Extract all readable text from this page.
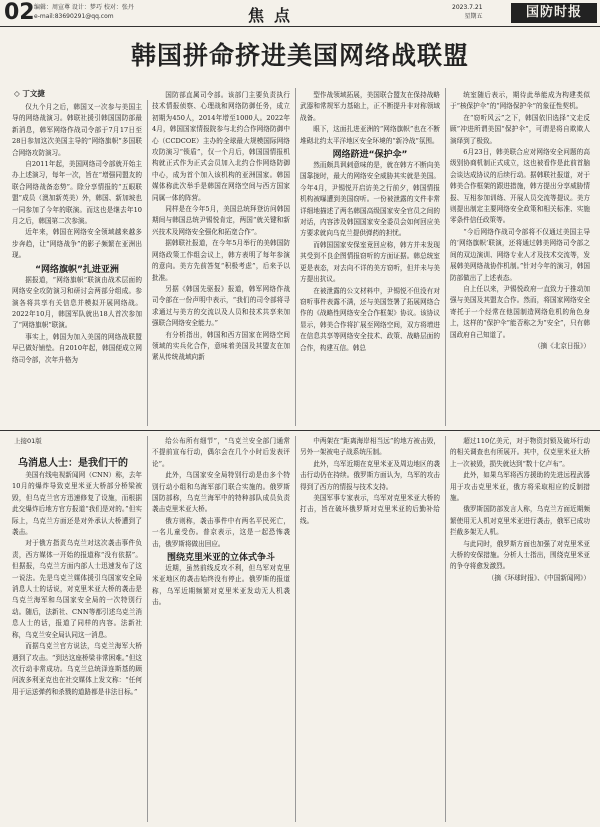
02 编辑：周宣尊 设计：梦巧 校对：张丹
e-mail:83690291@qq.com	焦点	2023.7.21
星期五	国防时报
韩国拼命挤进美国网络战联盟
◇ 丁文捷

仅九个月之后，韩国又一次参与美国主导的网络战演习。韩联社援引韩国国防部最新消息，韩军网络作战司令部于7月17日至28日参加这次美国主导的“网络旗帜”多国联合网络攻防演习。

自2011年起，美国网络司令部就开始主办上述演习，每年一次，旨在“增强同盟友的联合网络战备态势”。除分享情报的“五眼联盟”成员（澳加新英美）外，韩国、新加坡也一同参加了今年的联演。而这也是继去年10月之后，韩国第二次参演。

近年来，韩国在网络安全领域越来越多步奔趋，让“网络战争”的影子频繁在亚洲出现。

“网络旗帜”扎进亚洲

据报道，“网络旗帜”联演由战术层面的网络安全攻防演习和研讨会两部分组成。参演各将共享有关信息并模拟开展网络战。2022年10月，韩国军队就出18人首次参加了“网络旗帜”联演。

事实上，韩国为加入美国的网络战联盟早已做好铺垫。自2010年起，韩国便成立网络司令部，次年升格为

国防部直属司令部。该部门主要负责执行技术情报侦察、心理战和网络防御任务，成立初期为450人，2014年增至1000人。2022年4月，韩国国家情报院参与北约合作网络防御中心（CCDCOE）主办的全球最大规模国际网络攻防演习“锁盾”，仅一个月后，韩国国情报机构就正式作为正式会员加入北约合作网络防御中心，成为首个加入该机构的亚洲国家。韩国媒体称此次举手是韩国在网络空间与西方国家同属一体的阵营。

同样是在今年5月，美国总统拜登访问韩国期间与韩国总统尹锡悦肯定，两国“就关键和新兴技术及网络安全强化和拓宽合作”。

据韩联社报道，在今年5月举行的美韩国防网络政策工作组会议上，韩方表明了每年参演的意向。美方先前答复“积极考虑”，后来予以批准。

另据《韩国先驱报》报道，韩军网络作战司令部在一份声明中表示，“我们的司令部将寻求通过与美方的交流以及人员和技术共享来加强联合网络安全能力。”

有分析指出，韩国和西方国家在网络空间领域的实兵化合作，意味着美国及其盟友在加紧从传统战域向新

型作战领域拓展，美国联合盟友在保持战略武器和常规军力基础上，正不断提升非对称领域战备。

眼下，这面扎进亚洲的“网络旗帜”也在不断堆砌北约太平洋地区安全环境的“新冷战”氛围。

网络跻进“保护伞”

然而颇具讽刺意味的是，就在韩方不断向美国靠拢时，最大的网络安全威胁其实就是美国。今年4月，尹锡悦开启访美之行前夕，韩国情报机构被曝遭到美国窃听。一份被泄露的文件非常详细地描述了两名韩国高级国家安全官员之间的对话，内容涉及韩国国家安全委员会如何回应美方要求就向乌克兰提供弹药的担忧。

而韩国国家安保室竟回应称，韩方并未发现其受到不良企图情报窃听的方面证据。韩总统室更是表态，对去向不详的美方窃听，但并未与美方提出抗议。

在被泄露的公文材料中，尹锡悦不但没有对窃听事件表露不满，还与美国签署了拓展网络合作的《战略性网络安全合作框架》协议。该协议显示，韩美合作将扩展至网络空间，双方将增进在信息共享等网络安全技术、政策、战略层面的合作，构建互信。韩总

统室随后表示，期待此举能成为构建类似于“核保护伞”的“网络保护伞”的象征性契机。

在“窃听风云”之下，韩国依旧选择“文走反顾”冲进所谓美国“保护伞”，可谓是将自欺欺人演绎到了极致。

6月23日，韩美联合应对网络安全问题的高级别协商机制正式成立，这也被看作是此前首脑会谈达成协议的后续行动。据韩联社报道，对于韩美合作框架的跟进措施，韩方提出分享威胁情报、互相参加训练、开展人员交流等提议。美方则提出制定主要网络安全政策和相关标准、实施零条件信任政策等。

“今后网络作战司令部将不仅通过美国主导的‘网络旗帜’联演，还将通过韩美网络司令部之间的双边演训、网络专业人才及技术交流等，发展韩美网络战协作机制。”针对今年的演习，韩国防部做出了上述表态。

自上任以来，尹锡悦政府一直致力于推动加强与美国及其盟友合作。然而，将国家网络安全寄托于一个经常在他国制造网络危机的角色身上，这样的“保护伞”能否称之为“安全”，只有韩国政府自己知道了。

（摘《北京日报》）

上接01版
乌消息人士：是我们干的

美国有线电视新闻网（CNN）称，去年10月的爆炸导致克里米亚大桥部分桥梁被毁，但乌克兰官方迅速修复了设施，而根据此交爆炸后地方官方报道“我们是对的。”但实际上，乌克兰方面还是对外承认大桥遭到了袭击。

对于俄方指责乌克兰对这次袭击事件负责，西方媒体一开始的报道称“没有依据”。但据报，乌克兰方面内部人士迅速发布了这一说法。先是乌克兰媒体援引乌国家安全局消息人士的话说，对克里米亚大桥的袭击是乌克兰海军和乌国家安全局的一次特别行动。随后，法新社、CNN等都引述乌克兰消息人士的话，报道了同样的内容。法新社称，乌克兰安全局认同这一消息。

而据乌克兰官方说法，乌克兰海军大桥遇到了攻击。“到达这座桥梁非常困难。”但这次行动非常成功。乌克兰总统泽连斯基的顾问波多利亚克也在社交媒体上发文称：“任何用于运送弹药和杀戮的道路都是非法目标。”

给公布所有细节”，“乌克兰安全部门通常不提前宣布行动，偶尔会在几个小时后发表评论”。

此外，乌国家安全局特别行动是由多个特别行动小组和乌海军部门联合实施的。俄罗斯国防部称，乌克兰海军中的特种部队成员负责袭击克里米亚大桥。

俄方则称，袭击事件中有两名平民死亡，一名儿童受伤。普京表示，这是一起恐怖袭击，俄罗斯将做出回应。

围绕克里米亚的立体式争斗

近期，虽然前线反攻不利，但乌军对克里米亚地区的袭击始终没有停止。俄罗斯的报道称，乌军近期频繁对克里米亚发动无人机袭击。

中两架在“距离海岸相当远”的地方被击毁，另外一架被电子战系统压制。

此外，乌军近期在克里米亚及周边地区的袭击行动仍在持续。俄罗斯方面认为，乌军的攻击得到了西方的情报与技术支持。

美国军事专家表示，乌军对克里米亚大桥的打击，旨在破坏俄罗斯对克里米亚的后勤补给线。

超过110亿美元，对于物资封锁及破坏行动的相关调查也有所展开。其中，仅克里米亚大桥上一次被毁，损失就达到“数十亿卢布”。

此外，如果乌军将西方援助的先进远程武器用于攻击克里米亚，俄方将采取相应的反制措施。

俄罗斯国防部发言人称，乌克兰方面近期频繁使用无人机对克里米亚进行袭击，俄军已成功拦截多架无人机。

与此同时，俄罗斯方面也加强了对克里米亚大桥的安保措施。分析人士指出，围绕克里米亚的争夺将愈发激烈。

（摘《环球时报》、《中国新闻网》）
